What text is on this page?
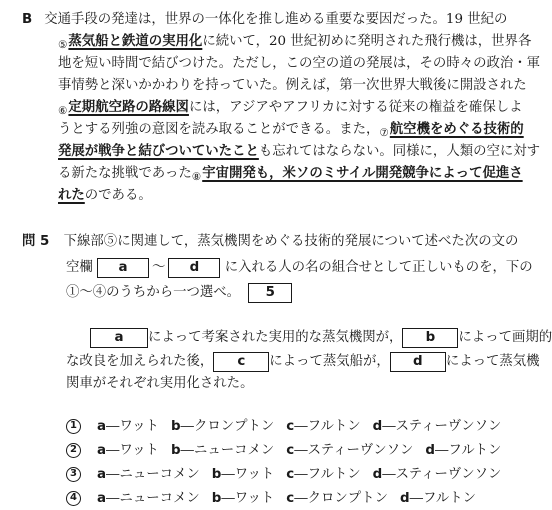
B 交通手段の発達は，世界の一体化を推し進める重要な要因だった。19 世紀の
$_⑤$蒸気船と鉄道の実用化に続いて，20 世紀初めに発明された飛行機は，世界各
地を短い時間で結びつけた。ただし，この空の道の発展は，その時々の政治・軍
事情勢と深いかかわりを持っていた。例えば，第一次世界大戦後に開設された
$_⑥$定期航空路の路線図には，アジアやアフリカに対する従来の権益を確保しよ
うとする列強の意図を読み取ることができる。また，$_⑦$航空機をめぐる技術的
発展が戦争と結びついていたことも忘れてはならない。同様に，人類の空に対す
る新たな挑戦であった$_⑧$宇宙開発も，米ソのミサイル開発競争によって促進さ
れたのである。
問 5 下線部⑤に関連して，蒸気機関をめぐる技術的発展について述べた次の文の
空欄 a 〜 d に入れる人の名の組合せとして正しいものを，下の
①〜④のうちから一つ選べ。 5
a によって考案された実用的な蒸気機関が， b によって画期的
な改良を加えられた後， c によって蒸気船が， d によって蒸気機
関車がそれぞれ実用化された。
1 a―ワット b―クロンプトン c―フルトン d―スティーヴンソン
2 a―ワット b―ニューコメン c―スティーヴンソン d―フルトン
3 a―ニューコメン b―ワット c―フルトン d―スティーヴンソン
4 a―ニューコメン b―ワット c―クロンプトン d―フルトン
